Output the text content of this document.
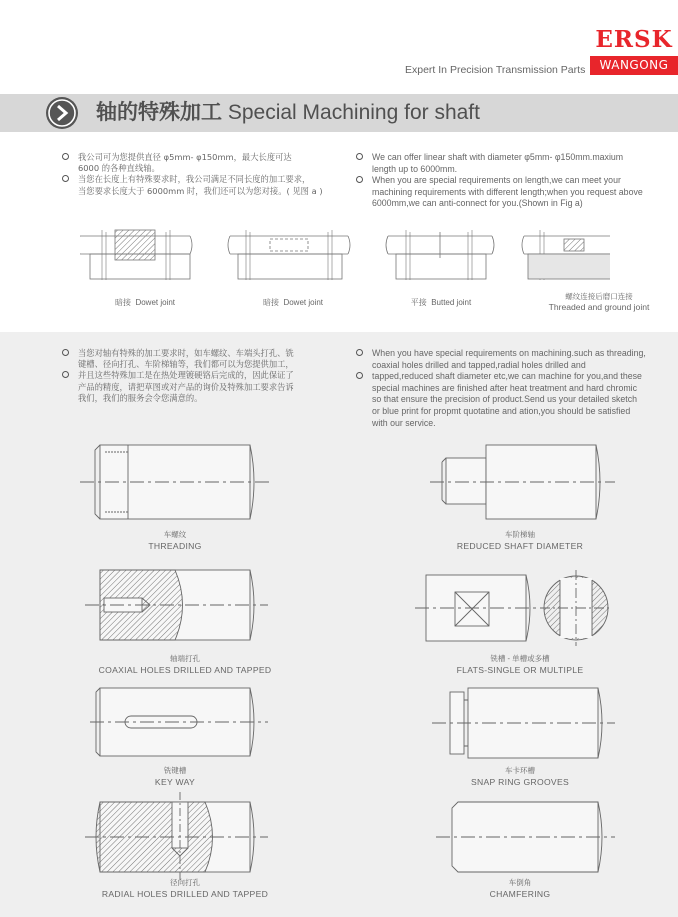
ERSK
WANGONG
Expert In Precision Transmission Parts
轴的特殊加工 Special Machining for shaft
我公司可为您提供直径 φ5mm- φ150mm，最大长度可达
6000 的各种直线轴。
当您在长度上有特殊要求时，我公司满足不同长度的加工要求，
当您要求长度大于 6000mm 时，我们还可以为您对接。( 见图 a )
We can offer linear shaft with diameter φ5mm- φ150mm.maxium
length up to 6000mm.
When you are special requirements on length,we can meet your
machining requirements with different length;when you request above
6000mm,we can anti-connect for you.(Shown in Fig a)
暗接 Dowet joint	暗接 Dowet joint	平接 Butted joint
螺纹连接后磨口连接
Threaded and ground joint
当您对轴有特殊的加工要求时，如车螺纹、车端头打孔、铣
键槽、径向打孔、车阶梯轴等，我们都可以为您提供加工，
并且这些特殊加工是在热处理镀硬铬后完成的，因此保证了
产品的精度，请把草图或对产品的询价及特殊加工要求告诉
我们，我们的服务会令您满意的。
When you have special requirements on machining.such as threading,
coaxial holes drilled and tapped,radial holes drilled and
tapped,reduced shaft diameter etc,we can machine for you,and these
special machines are finished after heat treatment and hard chromic
so that ensure the precision of product.Send us your detailed sketch
or blue print for propmt quotatine and ation,you should be satisfied
with our service.
车螺纹
THREADING
车阶梯轴
REDUCED SHAFT DIAMETER
轴端打孔
COAXIAL HOLES DRILLED AND TAPPED
铣槽 - 单槽或多槽
FLATS-SINGLE OR MULTIPLE
铣键槽
KEY WAY
车卡环槽
SNAP RING GROOVES
径向打孔
RADIAL HOLES DRILLED AND TAPPED
车倒角
CHAMFERING
